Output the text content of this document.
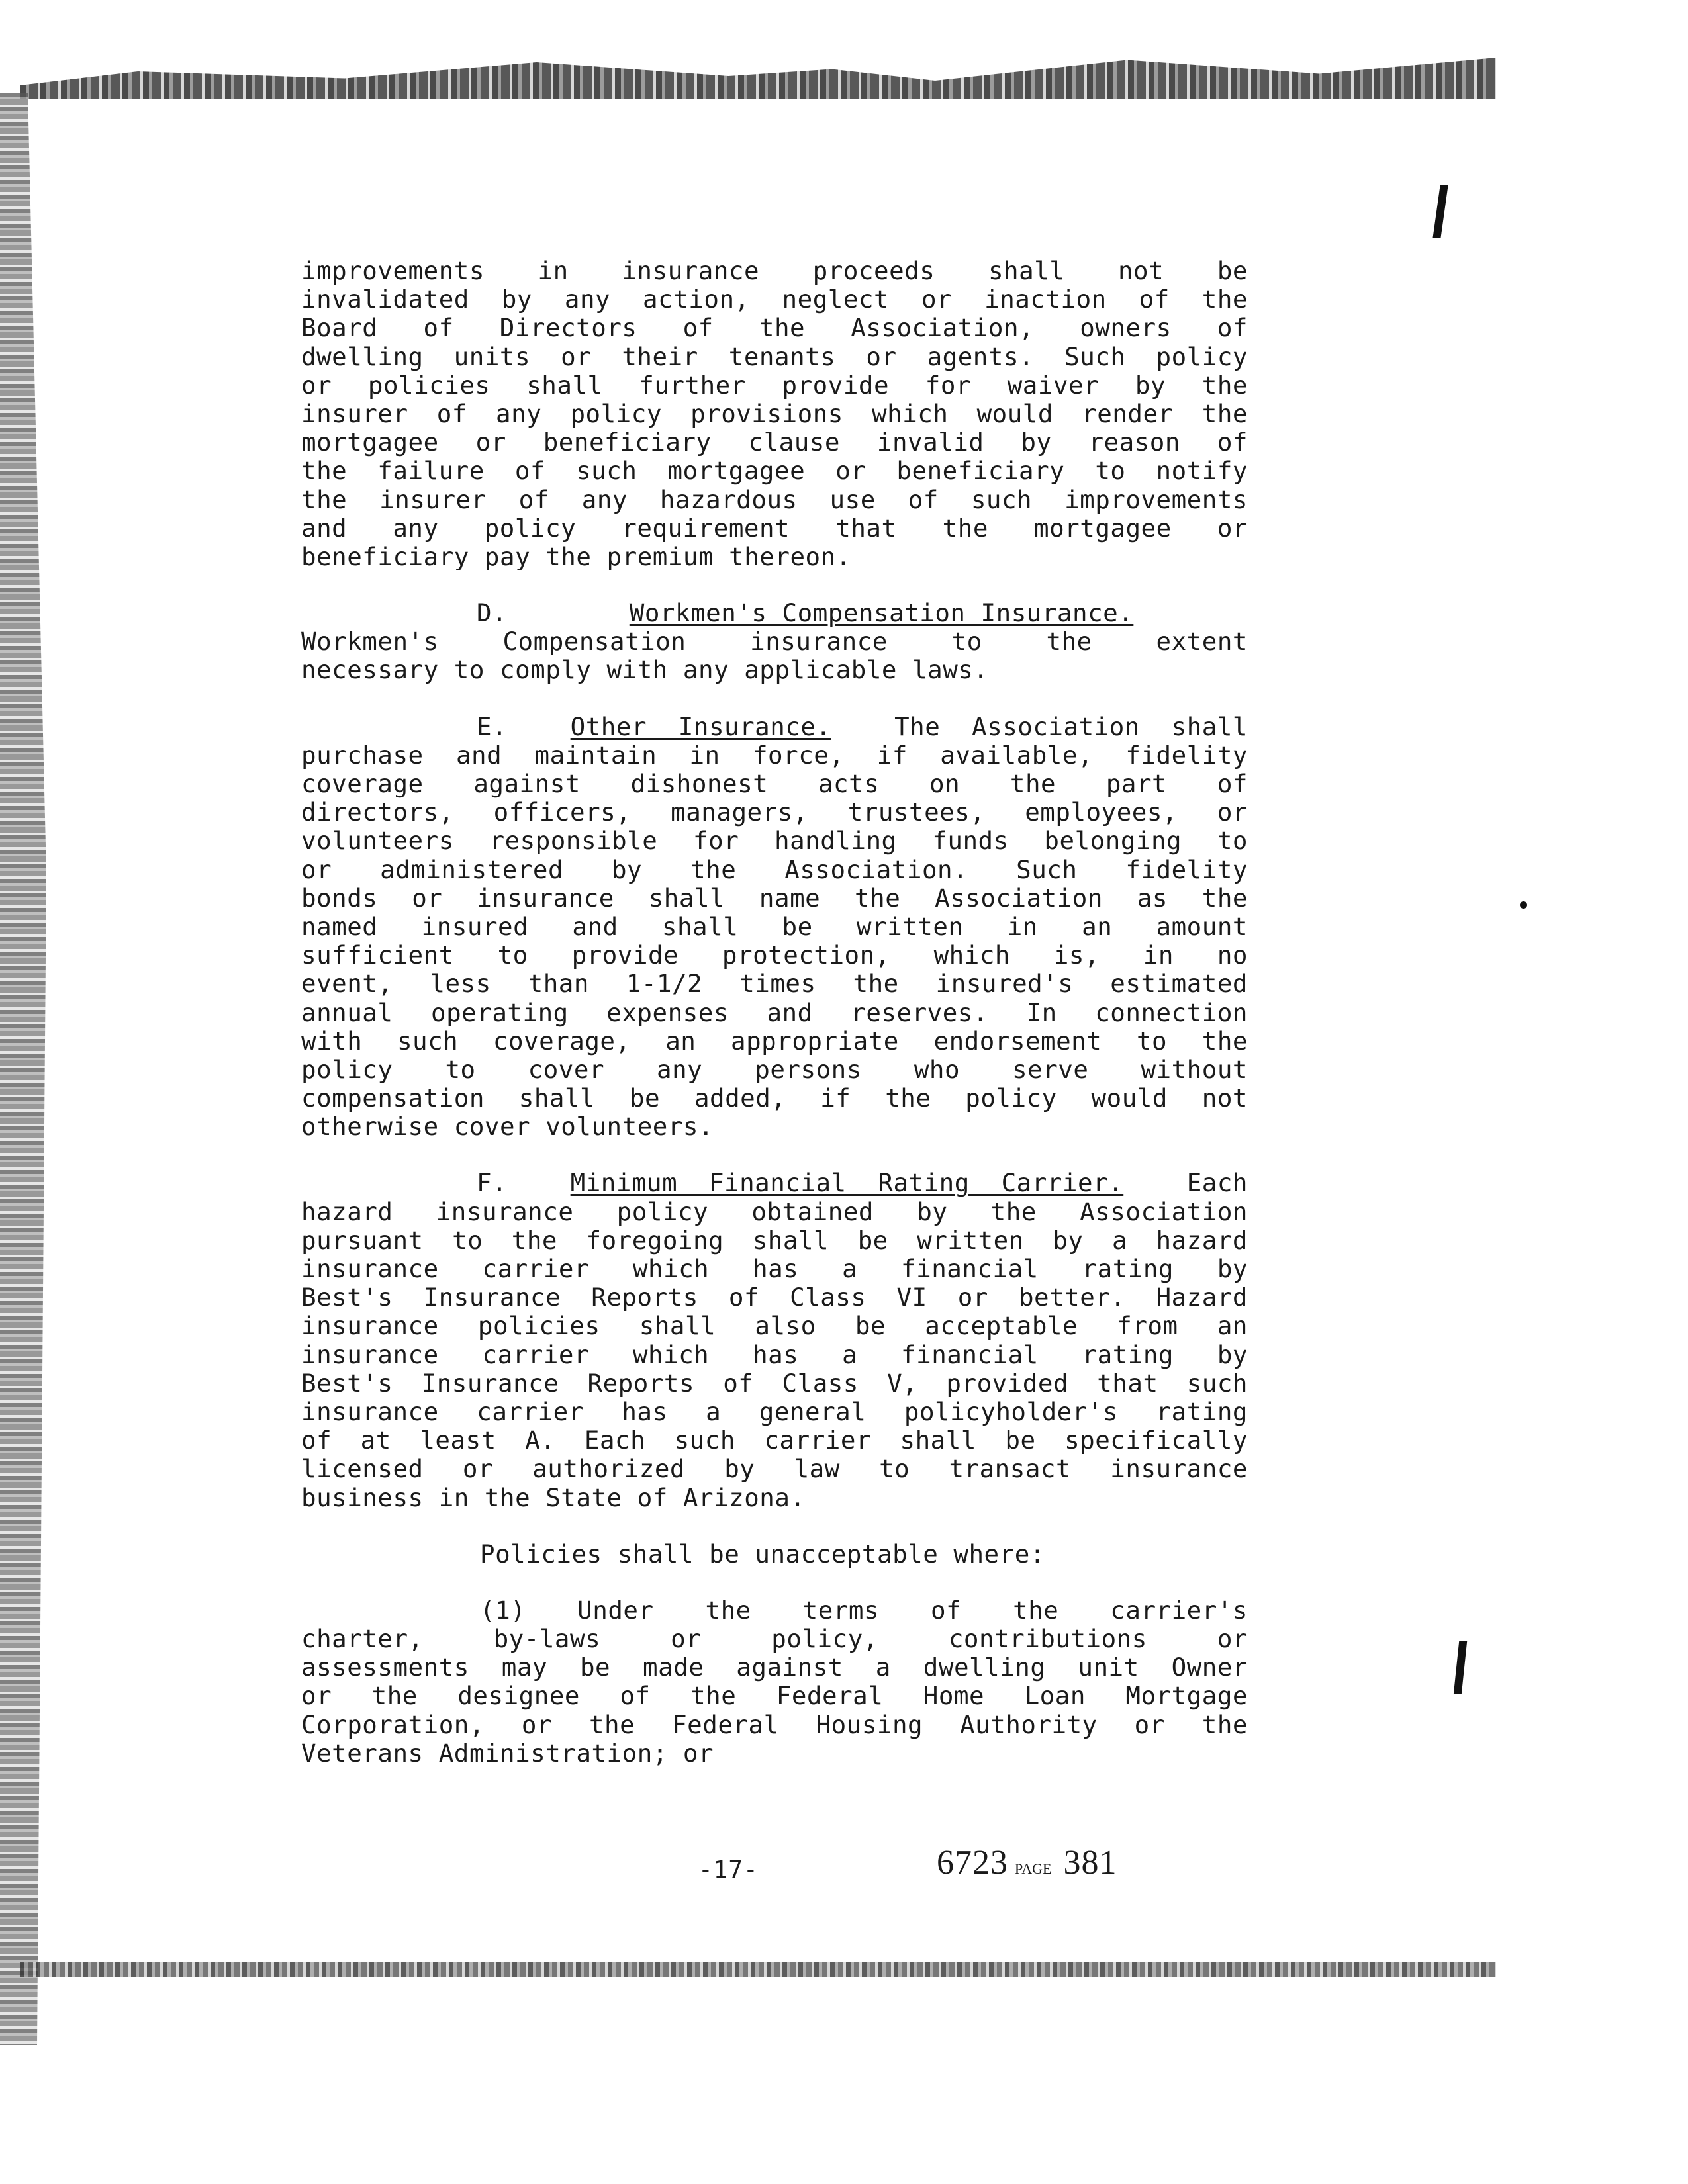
improvements in insurance proceeds shall not be
invalidated by any action, neglect or inaction of the
Board of Directors of the Association, owners of
dwelling units or their tenants or agents. Such policy
or policies shall further provide for waiver by the
insurer of any policy provisions which would render the
mortgagee or beneficiary clause invalid by reason of
the failure of such mortgagee or beneficiary to notify
the insurer of any hazardous use of such improvements
and any policy requirement that the mortgagee or
beneficiary pay the premium thereon.
D.	Workmen's Compensation Insurance.
Workmen's Compensation insurance to the extent
necessary to comply with any applicable laws.
E.	Other Insurance.	The Association shall
purchase and maintain in force, if available, fidelity
coverage against dishonest acts on the part of
directors, officers, managers, trustees, employees, or
volunteers responsible for handling funds belonging to
or administered by the Association. Such fidelity
bonds or insurance shall name the Association as the
named insured and shall be written in an amount
sufficient to provide protection, which is, in no
event, less than 1-1/2 times the insured's estimated
annual operating expenses and reserves. In connection
with such coverage, an appropriate endorsement to the
policy to cover any persons who serve without
compensation shall be added, if the policy would not
otherwise cover volunteers.
F.	Minimum Financial Rating Carrier.	Each
hazard insurance policy obtained by the Association
pursuant to the foregoing shall be written by a hazard
insurance carrier which has a financial rating by
Best's Insurance Reports of Class VI or better. Hazard
insurance policies shall also be acceptable from an
insurance carrier which has a financial rating by
Best's Insurance Reports of Class V, provided that such
insurance carrier has a general policyholder's rating
of at least A. Each such carrier shall be specifically
licensed or authorized by law to transact insurance
business in the State of Arizona.
Policies shall be unacceptable where:
(1) Under the terms of the carrier's
charter, by-laws or policy, contributions or
assessments may be made against a dwelling unit Owner
or the designee of the Federal Home Loan Mortgage
Corporation, or the Federal Housing Authority or the
Veterans Administration; or
-17-	6723 PAGE 381
